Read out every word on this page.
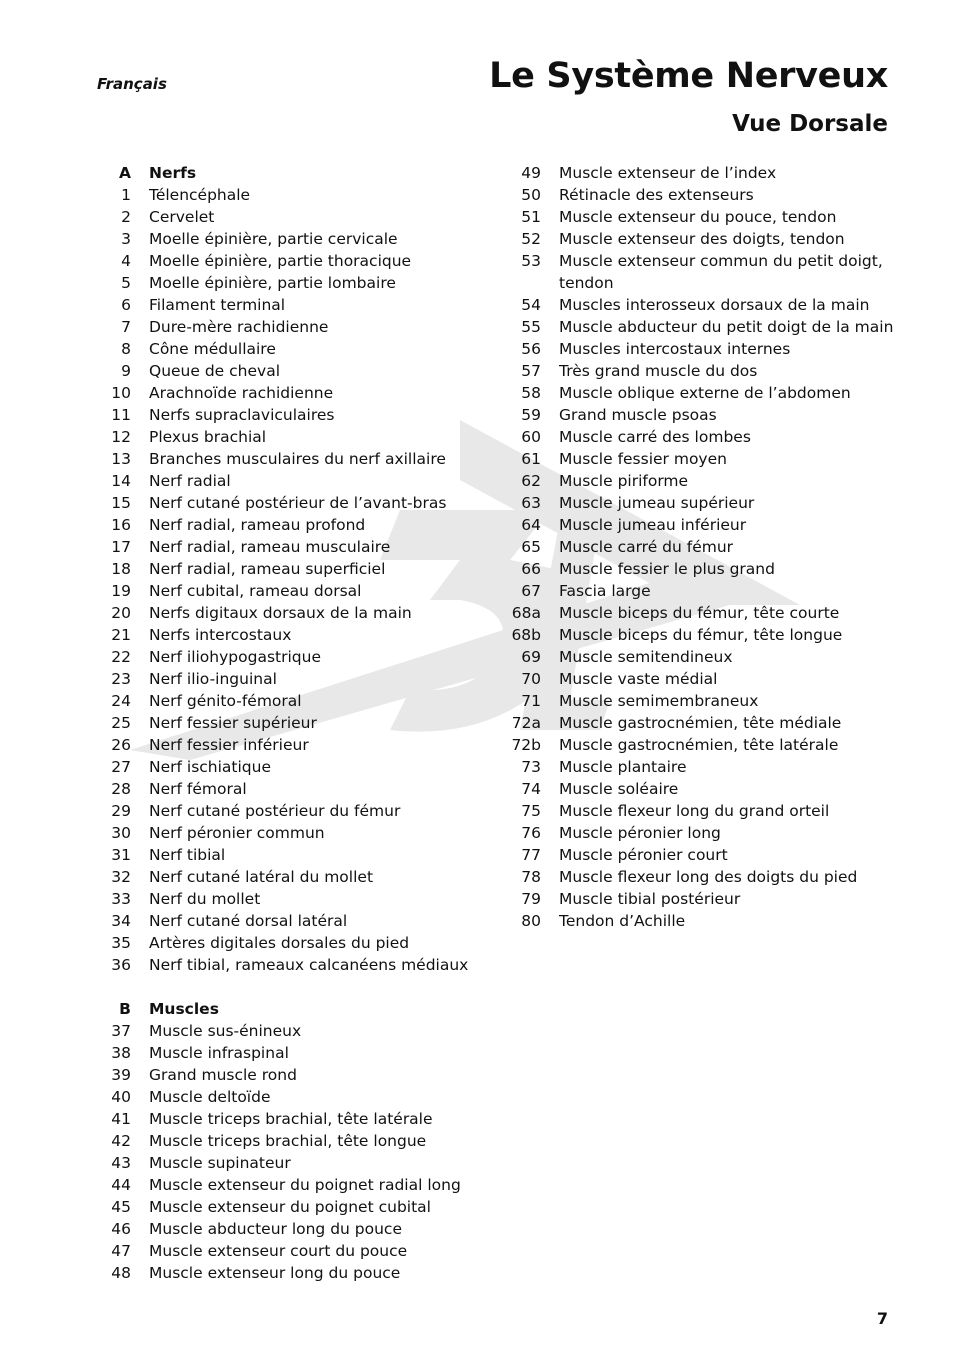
Français	Le Système Nerveux
Vue Dorsale
A Nerfs
1 Télencéphale
2 Cervelet
3 Moelle épinière, partie cervicale
4 Moelle épinière, partie thoracique
5 Moelle épinière, partie lombaire
6 Filament terminal
7 Dure-mère rachidienne
8 Cône médullaire
9 Queue de cheval
10 Arachnoïde rachidienne
11 Nerfs supraclaviculaires
12 Plexus brachial
13 Branches musculaires du nerf axillaire
14 Nerf radial
15 Nerf cutané postérieur de l’avant-bras
16 Nerf radial, rameau profond
17 Nerf radial, rameau musculaire
18 Nerf radial, rameau superficiel
19 Nerf cubital, rameau dorsal
20 Nerfs digitaux dorsaux de la main
21 Nerfs intercostaux
22 Nerf iliohypogastrique
23 Nerf ilio-inguinal
24 Nerf génito-fémoral
25 Nerf fessier supérieur
26 Nerf fessier inférieur
27 Nerf ischiatique
28 Nerf fémoral
29 Nerf cutané postérieur du fémur
30 Nerf péronier commun
31 Nerf tibial
32 Nerf cutané latéral du mollet
33 Nerf du mollet
34 Nerf cutané dorsal latéral
35 Artères digitales dorsales du pied
36 Nerf tibial, rameaux calcanéens médiaux
B Muscles
37 Muscle sus-énineux
38 Muscle infraspinal
39 Grand muscle rond
40 Muscle deltoïde
41 Muscle triceps brachial, tête latérale
42 Muscle triceps brachial, tête longue
43 Muscle supinateur
44 Muscle extenseur du poignet radial long
45 Muscle extenseur du poignet cubital
46 Muscle abducteur long du pouce
47 Muscle extenseur court du pouce
48 Muscle extenseur long du pouce
49 Muscle extenseur de l’index
50 Rétinacle des extenseurs
51 Muscle extenseur du pouce, tendon
52 Muscle extenseur des doigts, tendon
53 Muscle extenseur commun du petit doigt, tendon
54 Muscles interosseux dorsaux de la main
55 Muscle abducteur du petit doigt de la main
56 Muscles intercostaux internes
57 Très grand muscle du dos
58 Muscle oblique externe de l’abdomen
59 Grand muscle psoas
60 Muscle carré des lombes
61 Muscle fessier moyen
62 Muscle piriforme
63 Muscle jumeau supérieur
64 Muscle jumeau inférieur
65 Muscle carré du fémur
66 Muscle fessier le plus grand
67 Fascia large
68a Muscle biceps du fémur, tête courte
68b Muscle biceps du fémur, tête longue
69 Muscle semitendineux
70 Muscle vaste médial
71 Muscle semimembraneux
72a Muscle gastrocnémien, tête médiale
72b Muscle gastrocnémien, tête latérale
73 Muscle plantaire
74 Muscle soléaire
75 Muscle flexeur long du grand orteil
76 Muscle péronier long
77 Muscle péronier court
78 Muscle flexeur long des doigts du pied
79 Muscle tibial postérieur
80 Tendon d’Achille
7
